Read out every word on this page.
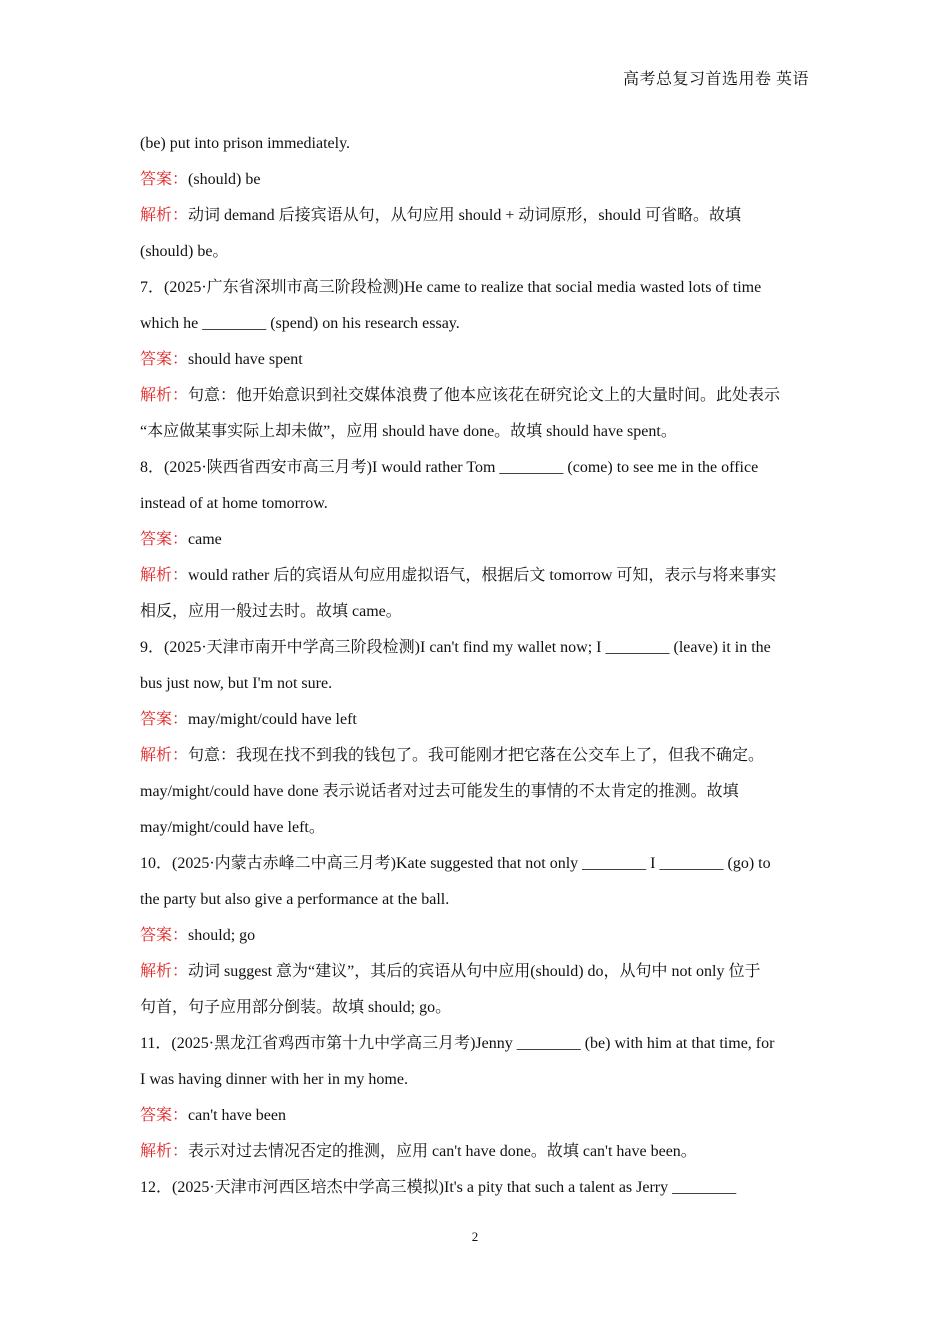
高考总复习首选用卷 英语
(be) put into prison immediately.
答案：(should) be
解析：动词 demand 后接宾语从句，从句应用 should + 动词原形，should 可省略。故填
(should) be。
7．(2025·广东省深圳市高三阶段检测)He came to realize that social media wasted lots of time
which he ________ (spend) on his research essay.
答案：should have spent
解析：句意：他开始意识到社交媒体浪费了他本应该花在研究论文上的大量时间。此处表示
“本应做某事实际上却未做”，应用 should have done。故填 should have spent。
8．(2025·陕西省西安市高三月考)I would rather Tom ________ (come) to see me in the office
instead of at home tomorrow.
答案：came
解析：would rather 后的宾语从句应用虚拟语气，根据后文 tomorrow 可知，表示与将来事实
相反，应用一般过去时。故填 came。
9．(2025·天津市南开中学高三阶段检测)I can't find my wallet now; I ________ (leave) it in the
bus just now, but I'm not sure.
答案：may/might/could have left
解析：句意：我现在找不到我的钱包了。我可能刚才把它落在公交车上了，但我不确定。
may/might/could have done 表示说话者对过去可能发生的事情的不太肯定的推测。故填
may/might/could have left。
10．(2025·内蒙古赤峰二中高三月考)Kate suggested that not only ________ I ________ (go) to
the party but also give a performance at the ball.
答案：should; go
解析：动词 suggest 意为“建议”，其后的宾语从句中应用(should) do，从句中 not only 位于
句首，句子应用部分倒装。故填 should; go。
11．(2025·黑龙江省鸡西市第十九中学高三月考)Jenny ________ (be) with him at that time, for
I was having dinner with her in my home.
答案：can't have been
解析：表示对过去情况否定的推测，应用 can't have done。故填 can't have been。
12．(2025·天津市河西区培杰中学高三模拟)It's a pity that such a talent as Jerry ________
2
